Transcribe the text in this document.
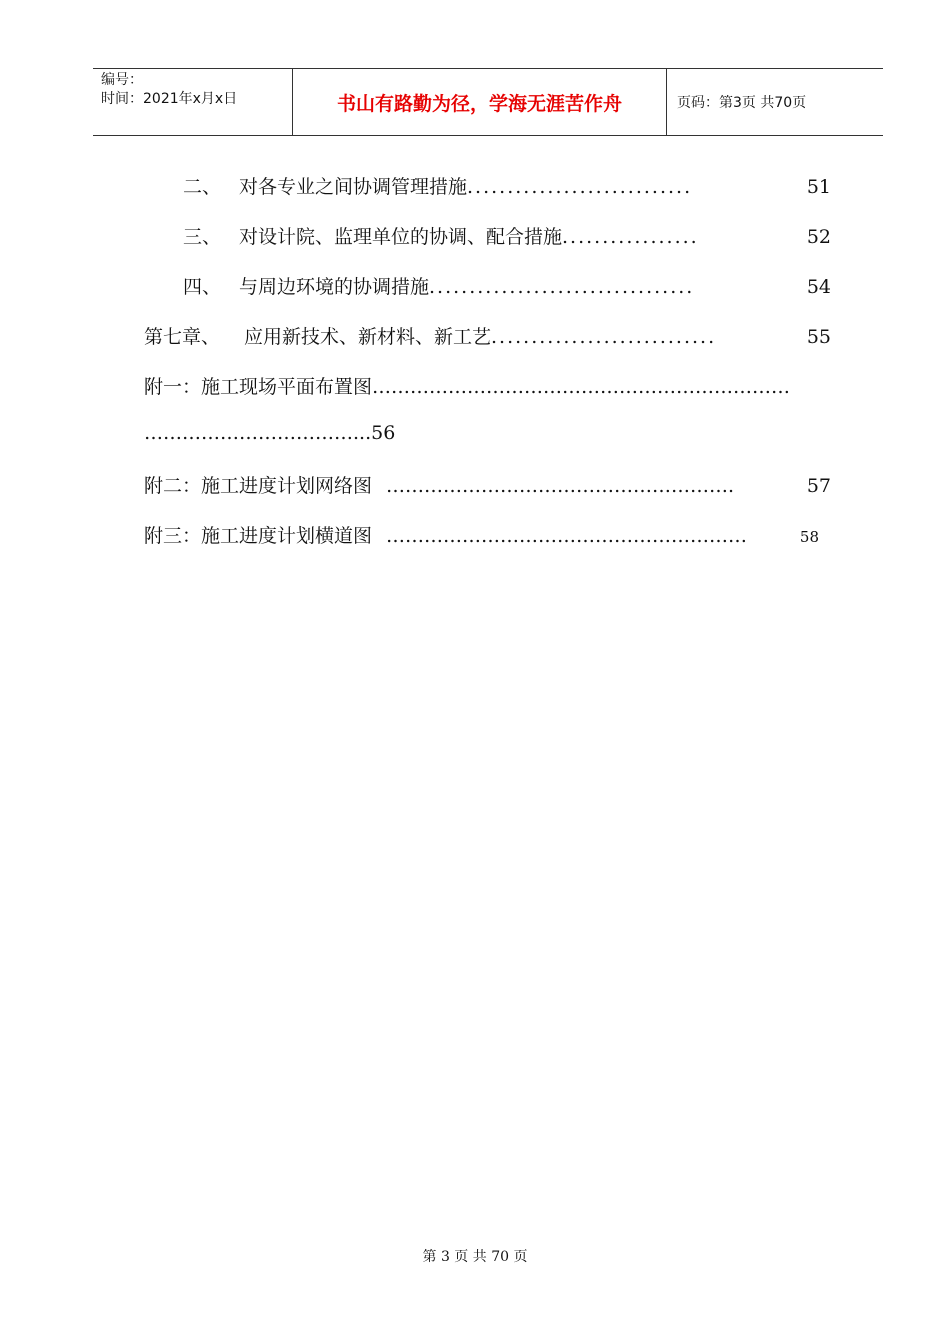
编号：
时间：2021年x月x日	书山有路勤为径，学海无涯苦作舟	页码：第3页 共70页
二、 对各专业之间协调管理措施 ............................	51
三、 对设计院、监理单位的协调、配合措施 .................	52
四、 与周边环境的协调措施 .................................	54
第七章、	应用新技术、新材料、新工艺 ............................	55
附一：施工现场平面布置图 …………………………………………………………
……………………………...56
附二：施工进度计划网络图 ……………………………………………….	57
附三：施工进度计划横道图 …………………………………………………	58
第 3 页 共 70 页
